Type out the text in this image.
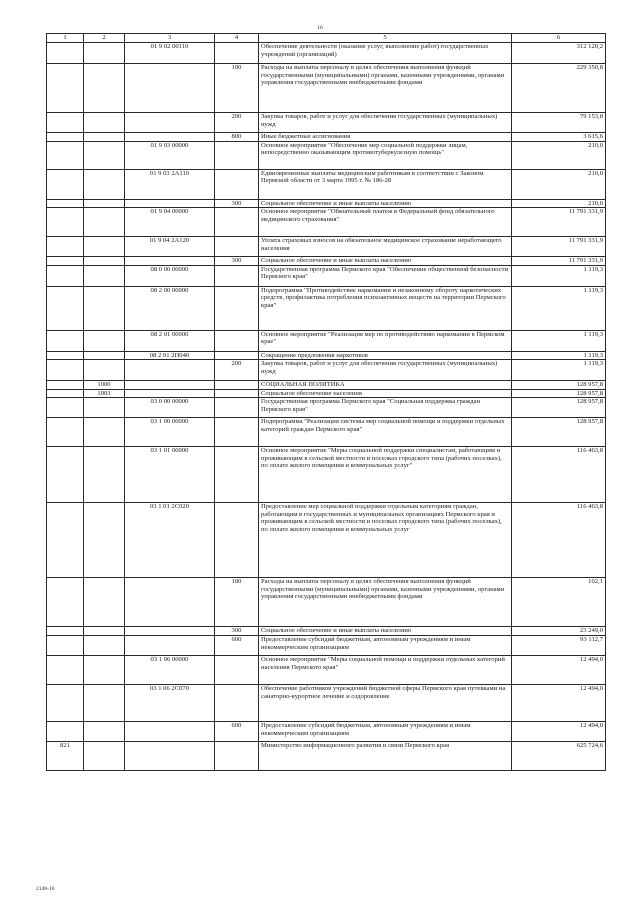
16
1	2	3	4	5	6
		01 9 02 00110		Обеспечение деятельности (оказание услуг, выполнение работ) государственных учреждений (организаций)	312 120,2
			100	Расходы на выплаты персоналу в целях обеспечения выполнения функций государственными (муниципальными) органами, казенными учреждениями, органами управления государственными внебюджетными фондами	229 350,8
			200	Закупка товаров, работ и услуг для обеспечения государственных (муниципальных) нужд	79 153,8
			800	Иные бюджетные ассигнования	3 615,6
		01 9 03 00000		Основное мероприятие "Обеспечение мер социальной поддержки лицам, непосредственно оказывающим противотуберкулезную помощь"	210,0
		01 9 03 2А110		Единовременные выплаты медицинским работникам в соответствии с Законом Пермской области от 3 марта 1995 г. № 186-28	210,0
			300	Социальное обеспечение и иные выплаты населению	210,0
		01 9 04 00000		Основное мероприятие "Обязательный платеж в Федеральный фонд обязательного медицинского страхования"	11 791 331,9
		01 9 04 2А120		Уплата страховых взносов на обязательное медицинское страхование неработающего населения	11 791 331,9
			300	Социальное обеспечение и иные выплаты населению	11 791 331,9
		08 0 00 00000		Государственная программа Пермского края "Обеспечение общественной безопасности Пермского края"	1 119,3
		08 2 00 00000		Подпрограмма "Противодействие наркомании и незаконному обороту наркотических средств, профилактика потребления психоактивных веществ на территории Пермского края"	1 119,3
		08 2 01 00000		Основное мероприятие "Реализация мер по противодействию наркомании в Пермском крае"	1 119,3
		08 2 01 2П040		Сокращение предложения наркотиков	1 119,3
			200	Закупка товаров, работ и услуг для обеспечения государственных (муниципальных) нужд	1 119,3
	1000			СОЦИАЛЬНАЯ ПОЛИТИКА	128 957,8
	1003			Социальное обеспечение населения	128 957,8
		03 0 00 00000		Государственная программа Пермского края "Социальная поддержка граждан Пермского края"	128 957,8
		03 1 00 00000		Подпрограмма "Реализация системы мер социальной помощи и поддержки отдельных категорий граждан Пермского края"	128 957,8
		03 1 01 00000		Основное мероприятие "Меры социальной поддержки специалистам, работающим и проживающим в сельской местности и поселках городского типа (рабочих поселках), по оплате жилого помещения и коммунальных услуг"	116 463,8
		03 1 01 2С020		Предоставление мер социальной поддержки отдельным категориям граждан, работающим в государственных и муниципальных организациях Пермского края и проживающим в сельской местности и поселках городского типа (рабочих поселках), по оплате жилого помещения и коммунальных услуг	116 463,8
			100	Расходы на выплаты персоналу в целях обеспечения выполнения функций государственными (муниципальными) органами, казенными учреждениями, органами управления государственными внебюджетными фондами	102,1
			300	Социальное обеспечение и иные выплаты населению	23 249,0
			600	Предоставление субсидий бюджетным, автономным учреждениям и иным некоммерческим организациям	93 112,7
		03 1 06 00000		Основное мероприятие "Меры социальной помощи и поддержки отдельных категорий населения Пермского края"	12 494,0
		03 1 06 2С070		Обеспечение работников учреждений бюджетной сферы Пермского края путевками на санаторно-курортное лечение и оздоровление	12 494,0
			600	Предоставление субсидий бюджетным, автономным учреждениям и иным некоммерческим организациям	12 494,0
821				Министерство информационного развития и связи Пермского края	625 724,6
2148-16
